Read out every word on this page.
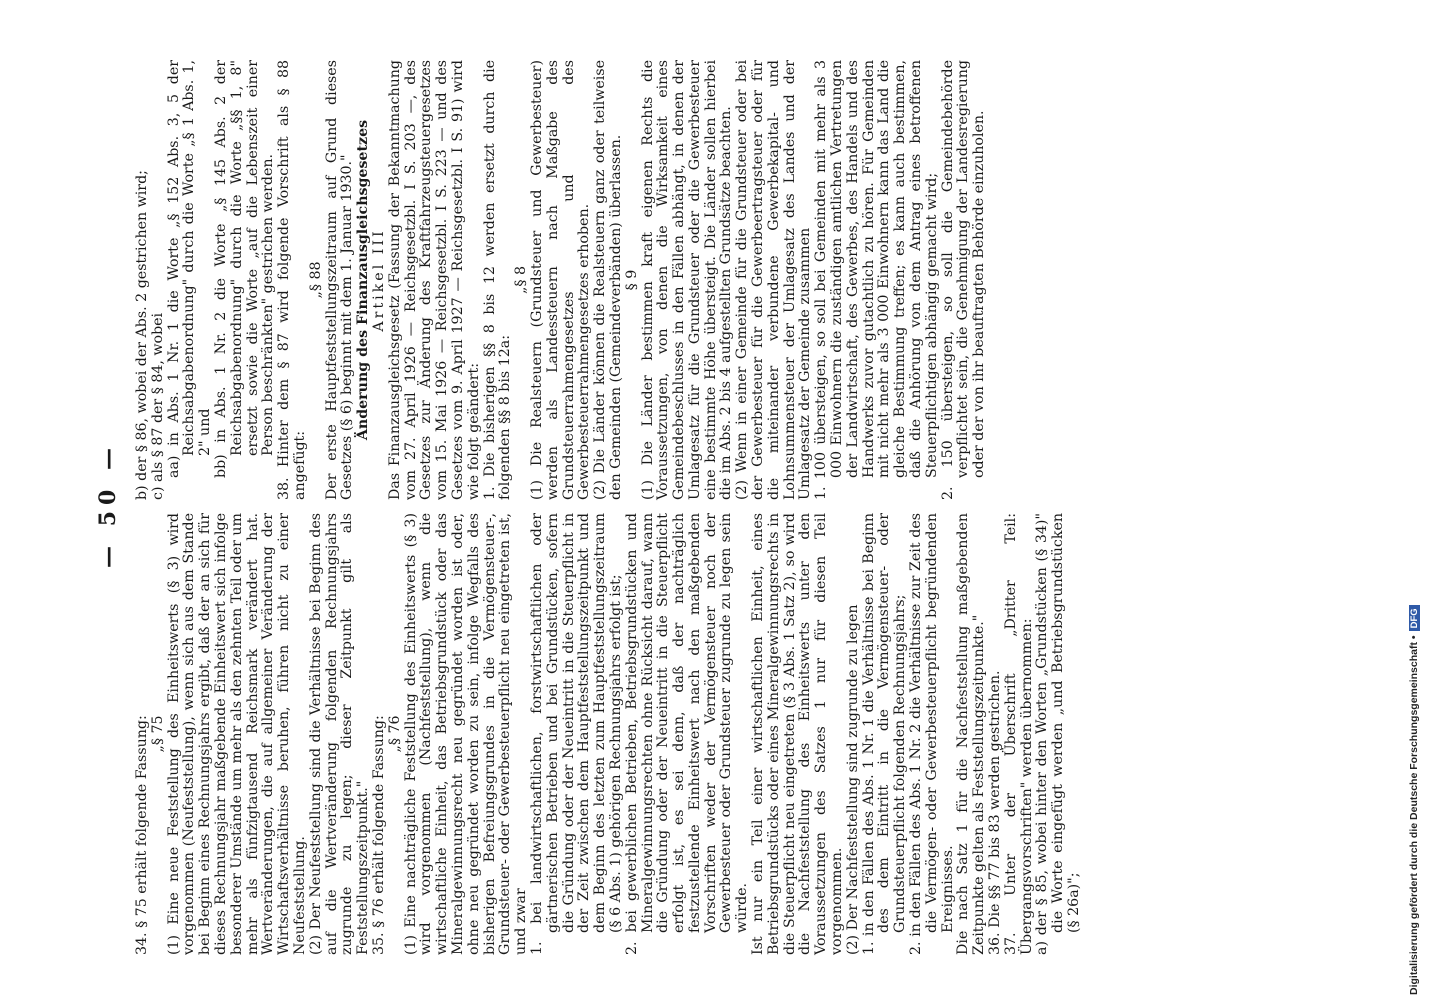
— 50 —

34. § 75 erhält folgende Fassung: „§ 75 (1) Eine neue Feststellung des Einheitswerts (§ 3) wird vorgenommen (Neufeststellung), wenn sich aus dem Stande bei Beginn eines Rechnungsjahrs ergibt, daß der an sich für dieses Rechnungsjahr maßgebende Einheitswert sich infolge besonderer Umstände um mehr als den zehnten Teil oder um mehr als fünfzigtausend Reichsmark verändert hat. Wertveränderungen, die auf allgemeiner Veränderung der Wirtschaftsverhältnisse beruhen, führen nicht zu einer Neufeststellung. (2) Der Neufeststellung sind die Verhältnisse bei Beginn des auf die Wertveränderung folgenden Rechnungsjahrs zugrunde zu legen; dieser Zeitpunkt gilt als Feststellungszeitpunkt." 35. § 76 erhält folgende Fassung: „§ 76 (1) Eine nachträgliche Feststellung des Einheitswerts (§ 3) wird vorgenommen (Nachfeststellung), wenn die wirtschaftliche Einheit, das Betriebsgrundstück oder das Mineralgewinnungsrecht neu gegründet worden ist oder, ohne neu gegründet worden zu sein, infolge Wegfalls des bisherigen Befreiungsgrundes in die Vermögensteuer-, Grundsteuer- oder Gewerbesteuerpflicht neu eingetreten ist, und zwar 1. bei landwirtschaftlichen, forstwirtschaftlichen oder gärtnerischen Betrieben und bei Grundstücken, sofern die Gründung oder der Neueintritt in die Steuerpflicht in der Zeit zwischen dem Hauptfeststellungszeitpunkt und dem Beginn des letzten zum Hauptfeststellungszeitraum (§ 6 Abs. 1) gehörigen Rechnungsjahrs erfolgt ist; 2. bei gewerblichen Betrieben, Betriebsgrundstücken und Mineralgewinnungsrechten ohne Rücksicht darauf, wann die Gründung oder der Neueintritt in die Steuerpflicht erfolgt ist, es sei denn, daß der nachträglich festzustellende Einheitswert nach den maßgebenden Vorschriften weder der Vermögensteuer noch der Gewerbesteuer oder Grundsteuer zugrunde zu legen sein würde. Ist nur ein Teil einer wirtschaftlichen Einheit, eines Betriebsgrundstücks oder eines Mineralgewinnungsrechts in die Steuerpflicht neu eingetreten (§ 3 Abs. 1 Satz 2), so wird die Nachfeststellung des Einheitswerts unter den Voraussetzungen des Satzes 1 nur für diesen Teil vorgenommen. (2) Der Nachfeststellung sind zugrunde zu legen 1. in den Fällen des Abs. 1 Nr. 1 die Verhältnisse bei Beginn des dem Eintritt in die Vermögensteuer- oder Grundsteuerpflicht folgenden Rechnungsjahrs; 2. in den Fällen des Abs. 1 Nr. 2 die Verhältnisse zur Zeit des die Vermögen- oder Gewerbesteuerpflicht begründenden Ereignisses. Die nach Satz 1 für die Nachfeststellung maßgebenden Zeitpunkte gelten als Feststellungszeitpunkte." 36. Die §§ 77 bis 83 werden gestrichen. 37. Unter der Überschrift „Dritter Teil: Übergangsvorschriften" werden übernommen: a) der § 85, wobei hinter den Worten „Grundstücken (§ 34)" die Worte eingefügt werden „und Betriebsgrundstücken (§ 26a)";

b) der § 86, wobei der Abs. 2 gestrichen wird; c) als § 87 der § 84, wobei aa) in Abs. 1 Nr. 1 die Worte „§ 152 Abs. 3, 5 der Reichsabgabenordnung" durch die Worte „§ 1 Abs. 1, 2" und bb) in Abs. 1 Nr. 2 die Worte „§ 145 Abs. 2 der Reichsabgabenordnung" durch die Worte „§§ 1, 8" ersetzt sowie die Worte „auf die Lebenszeit einer Person beschränkten" gestrichen werden. 38. Hinter dem § 87 wird folgende Vorschrift als § 88 angefügt:

„§ 88 Der erste Hauptfeststellungszeitraum auf Grund dieses Gesetzes (§ 6) beginnt mit dem 1. Januar 1930." Änderung des Finanzausgleichsgesetzes Artikel III Das Finanzausgleichsgesetz (Fassung der Bekanntmachung vom 27. April 1926 — Reichsgesetzbl. I S. 203 —, des Gesetzes zur Änderung des Kraftfahrzeugsteuergesetzes vom 15. Mai 1926 — Reichsgesetzbl. I S. 223 — und des Gesetzes vom 9. April 1927 — Reichsgesetzbl. I S. 91) wird wie folgt geändert: 1. Die bisherigen §§ 8 bis 12 werden ersetzt durch die folgenden §§ 8 bis 12a:

„§ 8 (1) Die Realsteuern (Grundsteuer und Gewerbesteuer) werden als Landessteuern nach Maßgabe des Grundsteuerrahmengesetzes und des Gewerbesteuerrahmengesetzes erhoben. (2) Die Länder können die Realsteuern ganz oder teilweise den Gemeinden (Gemeindeverbänden) überlassen. § 9 (1) Die Länder bestimmen kraft eigenen Rechts die Voraussetzungen, von denen die Wirksamkeit eines Gemeindebeschlusses in den Fällen abhängt, in denen der Umlagesatz für die Grundsteuer oder die Gewerbesteuer eine bestimmte Höhe übersteigt. Die Länder sollen hierbei die im Abs. 2 bis 4 aufgestellten Grundsätze beachten. (2) Wenn in einer Gemeinde für die Grundsteuer oder bei der Gewerbesteuer für die Gewerbeertragsteuer oder für die miteinander verbundene Gewerbekapital- und Lohnsummensteuer der Umlagesatz des Landes und der Umlagesatz der Gemeinde zusammen 1. 100 übersteigen, so soll bei Gemeinden mit mehr als 3 000 Einwohnern die zuständigen amtlichen Vertretungen der Landwirtschaft, des Gewerbes, des Handels und des Handwerks zuvor gutachtlich zu hören. Für Gemeinden mit nicht mehr als 3 000 Einwohnern kann das Land die gleiche Bestimmung treffen; es kann auch bestimmen, daß die Anhörung von dem Antrag eines betroffenen Steuerpflichtigen abhängig gemacht wird; 2. 150 übersteigen, so soll die Gemeindebehörde verpflichtet sein, die Genehmigung der Landesregierung oder der von ihr beauftragten Behörde einzuholen.

Digitalisierung gefördert durch die Deutsche Forschungsgemeinschaft •DFG
